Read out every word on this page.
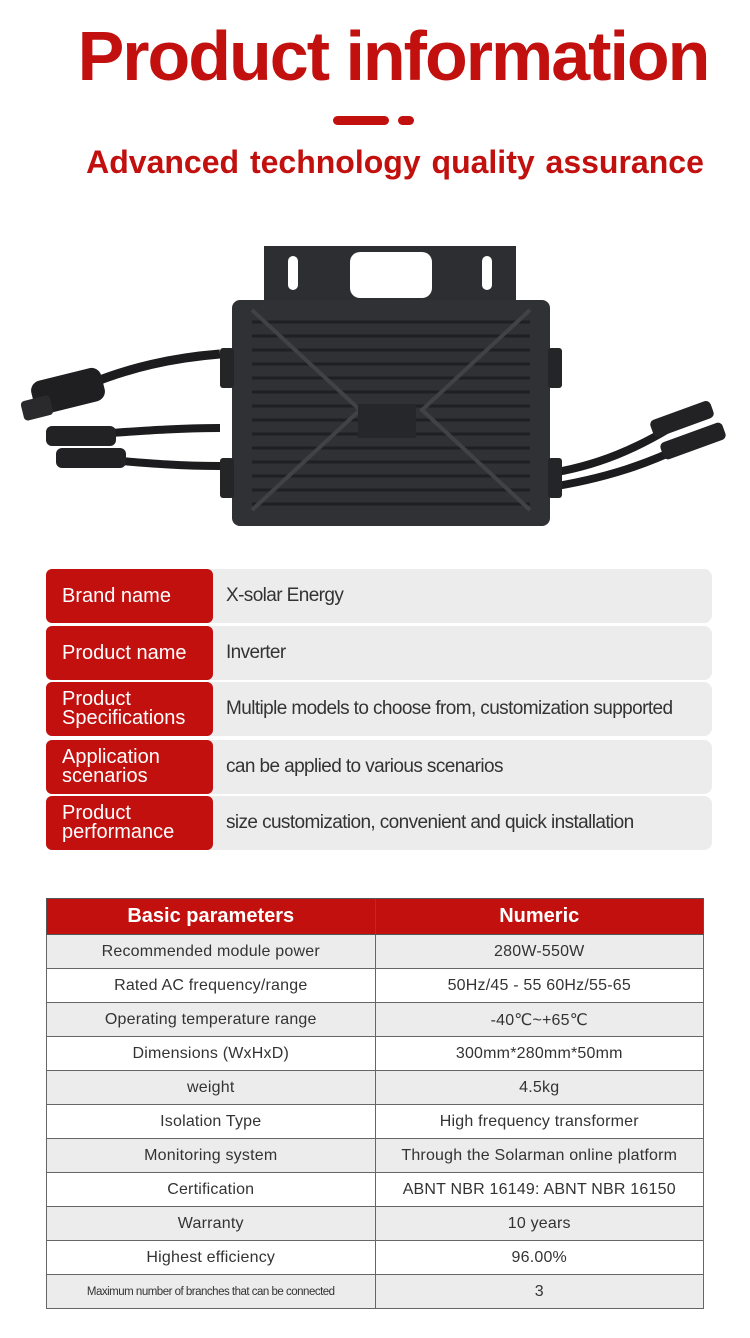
Product information
Advanced technology quality assurance
Brand name	X-solar Energy
Product name	Inverter
Product Specifications	Multiple models to choose from, customization supported
Application scenarios	can be applied to various scenarios
Product performance	size customization, convenient and quick installation
Basic parameters	Numeric
Recommended module power	280W-550W
Rated AC frequency/range	50Hz/45 - 55 60Hz/55-65
Operating temperature range	-40℃~+65℃
Dimensions (WxHxD)	300mm*280mm*50mm
weight	4.5kg
Isolation Type	High frequency transformer
Monitoring system	Through the Solarman online platform
Certification	ABNT NBR 16149: ABNT NBR 16150
Warranty	10 years
Highest efficiency	96.00%
Maximum number of branches that can be connected	3
